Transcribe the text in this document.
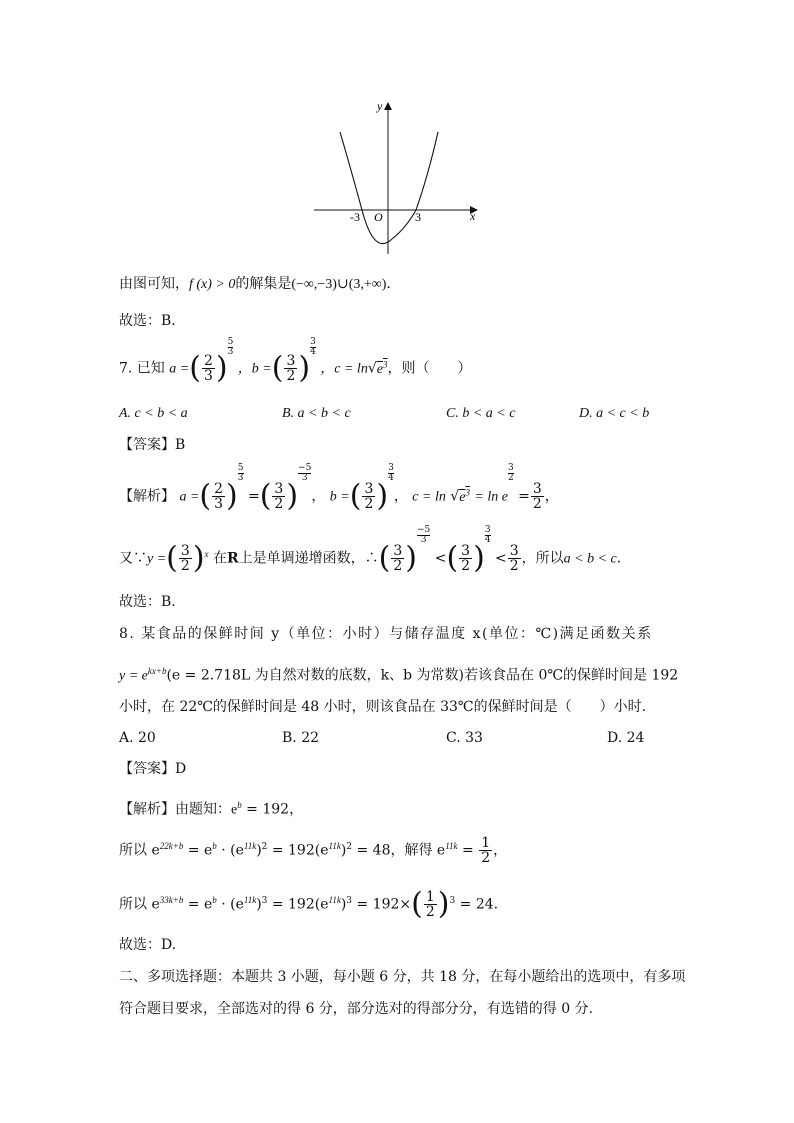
y
x
O
-3	3
由图可知，f (x) > 0的解集是(−∞,−3)∪(3,+∞).
故选：B．
7. 已知 a =( $\frac{2}{3}$ )
$\frac{5}{3}$
，b =( $\frac{3}{2}$ )
$\frac{3}{4}$
，$c = \ln√e^3$，则（　　）
A. c < b < a	B. a < b < c	C. b < a < c	D. a < c < b
【答案】B
【解析】 a =( $\frac{2}{3}$ )
$\frac{5}{3}$
=( $\frac{3}{2}$ )
$\frac{-5}{3}$
， b =( $\frac{3}{2}$ )
$\frac{3}{4}$
， $c = \ln √e^3 = \ln e$
$\frac{3}{2}$
= $\frac{3}{2}$ ，
又∵y =( $\frac{3}{2} )^x$ 在R上是单调递增函数，∴( $\frac{3}{2}$ )
$\frac{-5}{3}$
<( $\frac{3}{2}$ )
$\frac{3}{4}$
< $\frac{3}{2}$ ，所以a < b < c.
故选：B.
8. 某食品的保鲜时间 y（单位：小时）与储存温度 x(单位：℃)满足函数关系
$y = e^{kx+b}(e = 2.718L$ 为自然对数的底数，k、b 为常数)若该食品在 0℃的保鲜时间是 192
小时，在 22℃的保鲜时间是 48 小时，则该食品在 33℃的保鲜时间是（　　）小时.
A. 20	B. 22	C. 33	D. 24
【答案】D
【解析】由题知：$e^b = 192$，
所以 $e^{22k+b} = e^b \cdot (e^{11k})^2 = 192(e^{11k})^2 = 48$，解得 $e^{11k} = \frac{1}{2}$ ，
所以 $e^{33k+b} = e^b \cdot (e^{11k})^3 = 192(e^{11k})^3 = 192\times( \frac{1}{2} )^3 = 24$.
故选：D.
二、多项选择题：本题共 3 小题，每小题 6 分，共 18 分，在每小题给出的选项中，有多项
符合题目要求，全部选对的得 6 分，部分选对的得部分分，有选错的得 0 分.
